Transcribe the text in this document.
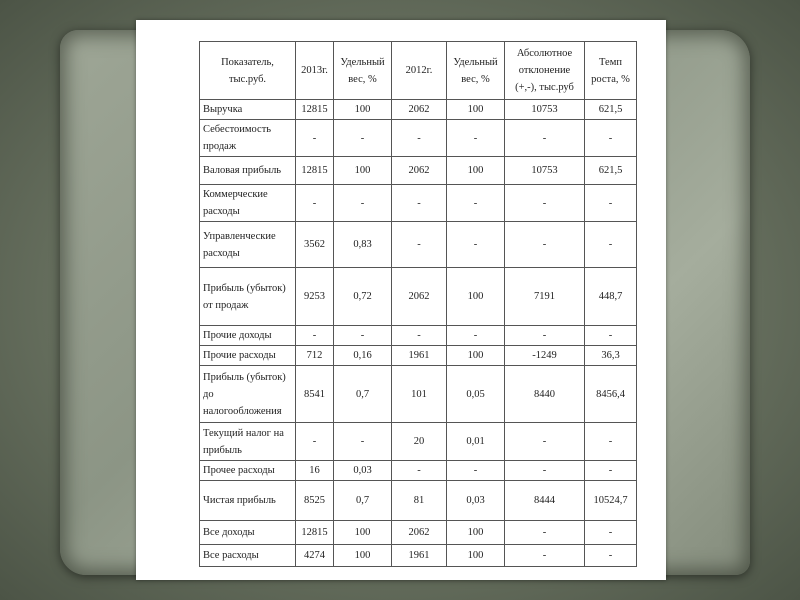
Показатель, тыс.руб.	2013г.	Удельный вес, %	2012г.	Удельный вес, %	Абсолютное отклонение (+,-), тыс.руб	Темп роста, %
Выручка	12815	100	2062	100	10753	621,5
Себестоимость продаж	-	-	-	-	-	-
Валовая прибыль	12815	100	2062	100	10753	621,5
Коммерческие расходы	-	-	-	-	-	-
Управленческие расходы	3562	0,83	-	-	-	-
Прибыль (убыток) от продаж	9253	0,72	2062	100	7191	448,7
Прочие доходы	-	-	-	-	-	-
Прочие расходы	712	0,16	1961	100	-1249	36,3
Прибыль (убыток) до налогообложения	8541	0,7	101	0,05	8440	8456,4
Текущий налог на прибыль	-	-	20	0,01	-	-
Прочее расходы	16	0,03	-	-	-	-
Чистая прибыль	8525	0,7	81	0,03	8444	10524,7
Все доходы	12815	100	2062	100	-	-
Все расходы	4274	100	1961	100	-	-
